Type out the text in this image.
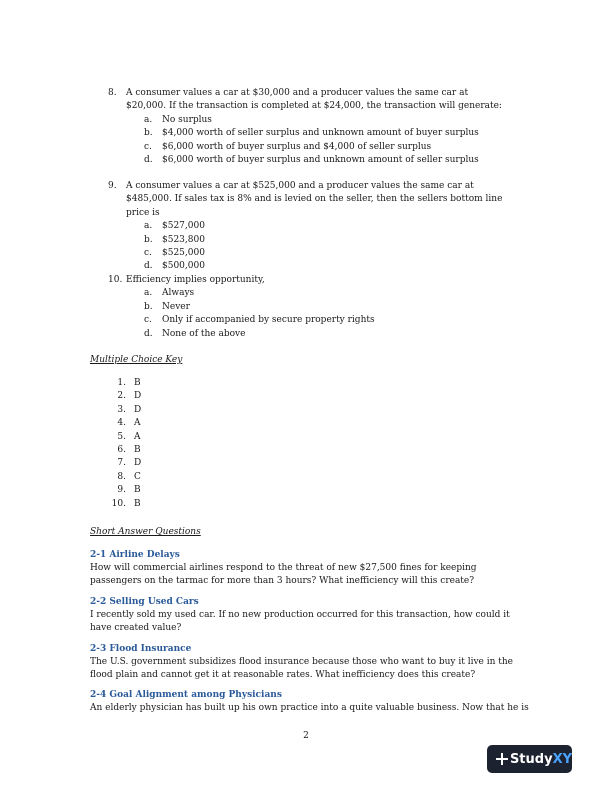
8. A consumer values a car at $30,000 and a producer values the same car at $20,000. If the transaction is completed at $24,000, the transaction will generate:
a. No surplus
b. $4,000 worth of seller surplus and unknown amount of buyer surplus
c. $6,000 worth of buyer surplus and $4,000 of seller surplus
d. $6,000 worth of buyer surplus and unknown amount of seller surplus
9. A consumer values a car at $525,000 and a producer values the same car at $485,000. If sales tax is 8% and is levied on the seller, then the sellers bottom line price is
a. $527,000
b. $523,800
c. $525,000
d. $500,000
10. Efficiency implies opportunity,
a. Always
b. Never
c. Only if accompanied by secure property rights
d. None of the above
Multiple Choice Key
1. B
2. D
3. D
4. A
5. A
6. B
7. D
8. C
9. B
10. B
Short Answer Questions
2-1 Airline Delays
How will commercial airlines respond to the threat of new $27,500 fines for keeping passengers on the tarmac for more than 3 hours? What inefficiency will this create?
2-2 Selling Used Cars
I recently sold my used car. If no new production occurred for this transaction, how could it have created value?
2-3 Flood Insurance
The U.S. government subsidizes flood insurance because those who want to buy it live in the flood plain and cannot get it at reasonable rates. What inefficiency does this create?
2-4 Goal Alignment among Physicians
An elderly physician has built up his own practice into a quite valuable business. Now that he is
2
Study XY
